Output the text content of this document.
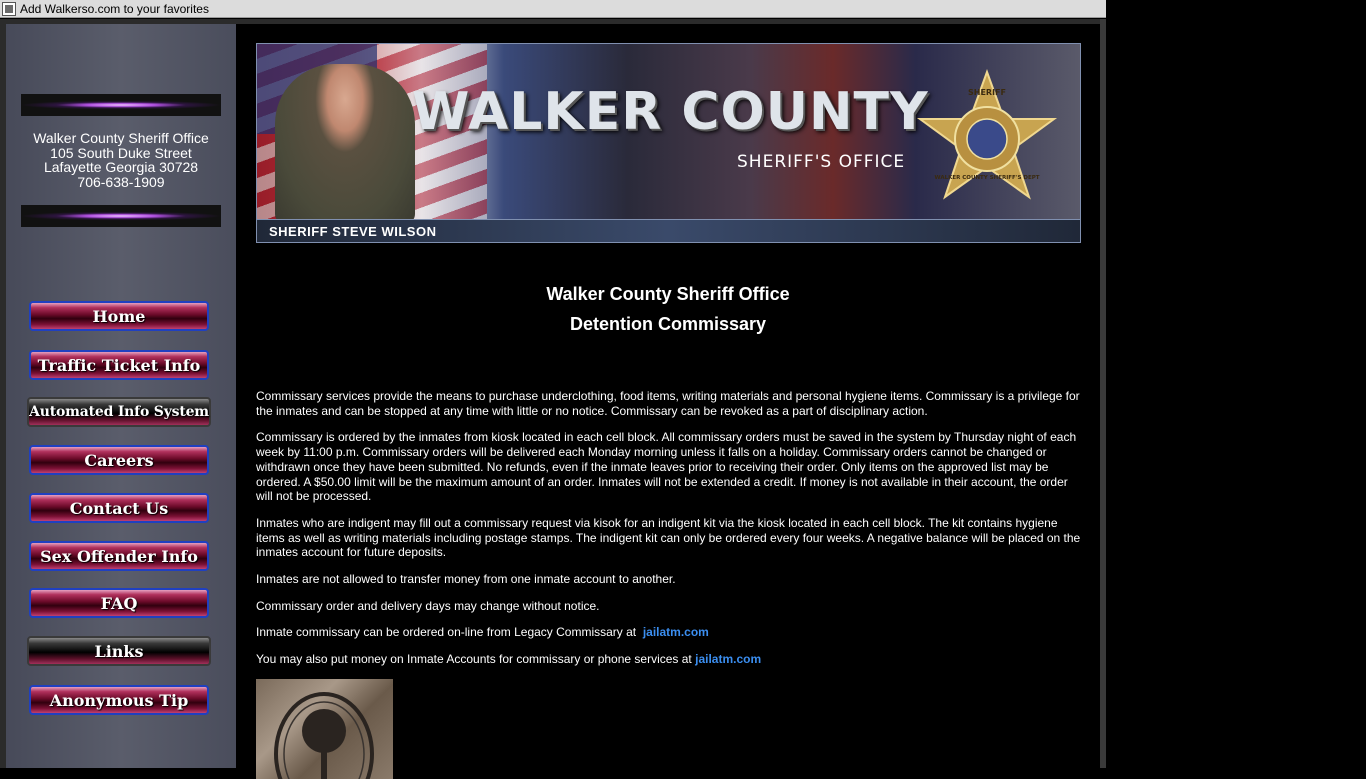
Add Walkerso.com to your favorites
Walker County Sheriff Office
105 South Duke Street
Lafayette Georgia 30728
706-638-1909
Home
Traffic Ticket Info
Automated Info System
Careers
Contact Us
Sex Offender Info
FAQ
Links
Anonymous Tip
WALKER COUNTY
SHERIFF'S OFFICE
SHERIFF
WALKER COUNTY SHERIFF'S DEPT
SHERIFF STEVE WILSON
Walker County Sheriff Office
Detention Commissary

Commissary services provide the means to purchase underclothing, food items, writing materials and personal hygiene items. Commissary is a privilege for the inmates and can be stopped at any time with little or no notice. Commissary can be revoked as a part of disciplinary action.

Commissary is ordered by the inmates from kiosk located in each cell block. All commissary orders must be saved in the system by Thursday night of each week by 11:00 p.m. Commissary orders will be delivered each Monday morning unless it falls on a holiday. Commissary orders cannot be changed or withdrawn once they have been submitted. No refunds, even if the inmate leaves prior to receiving their order. Only items on the approved list may be ordered. A $50.00 limit will be the maximum amount of an order. Inmates will not be extended a credit. If money is not available in their account, the order will not be processed.

Inmates who are indigent may fill out a commissary request via kisok for an indigent kit via the kiosk located in each cell block. The kit contains hygiene items as well as writing materials including postage stamps. The indigent kit can only be ordered every four weeks. A negative balance will be placed on the inmates account for future deposits.

Inmates are not allowed to transfer money from one inmate account to another.

Commissary order and delivery days may change without notice.

Inmate commissary can be ordered on-line from Legacy Commissary at jailatm.com

You may also put money on Inmate Accounts for commissary or phone services at jailatm.com
